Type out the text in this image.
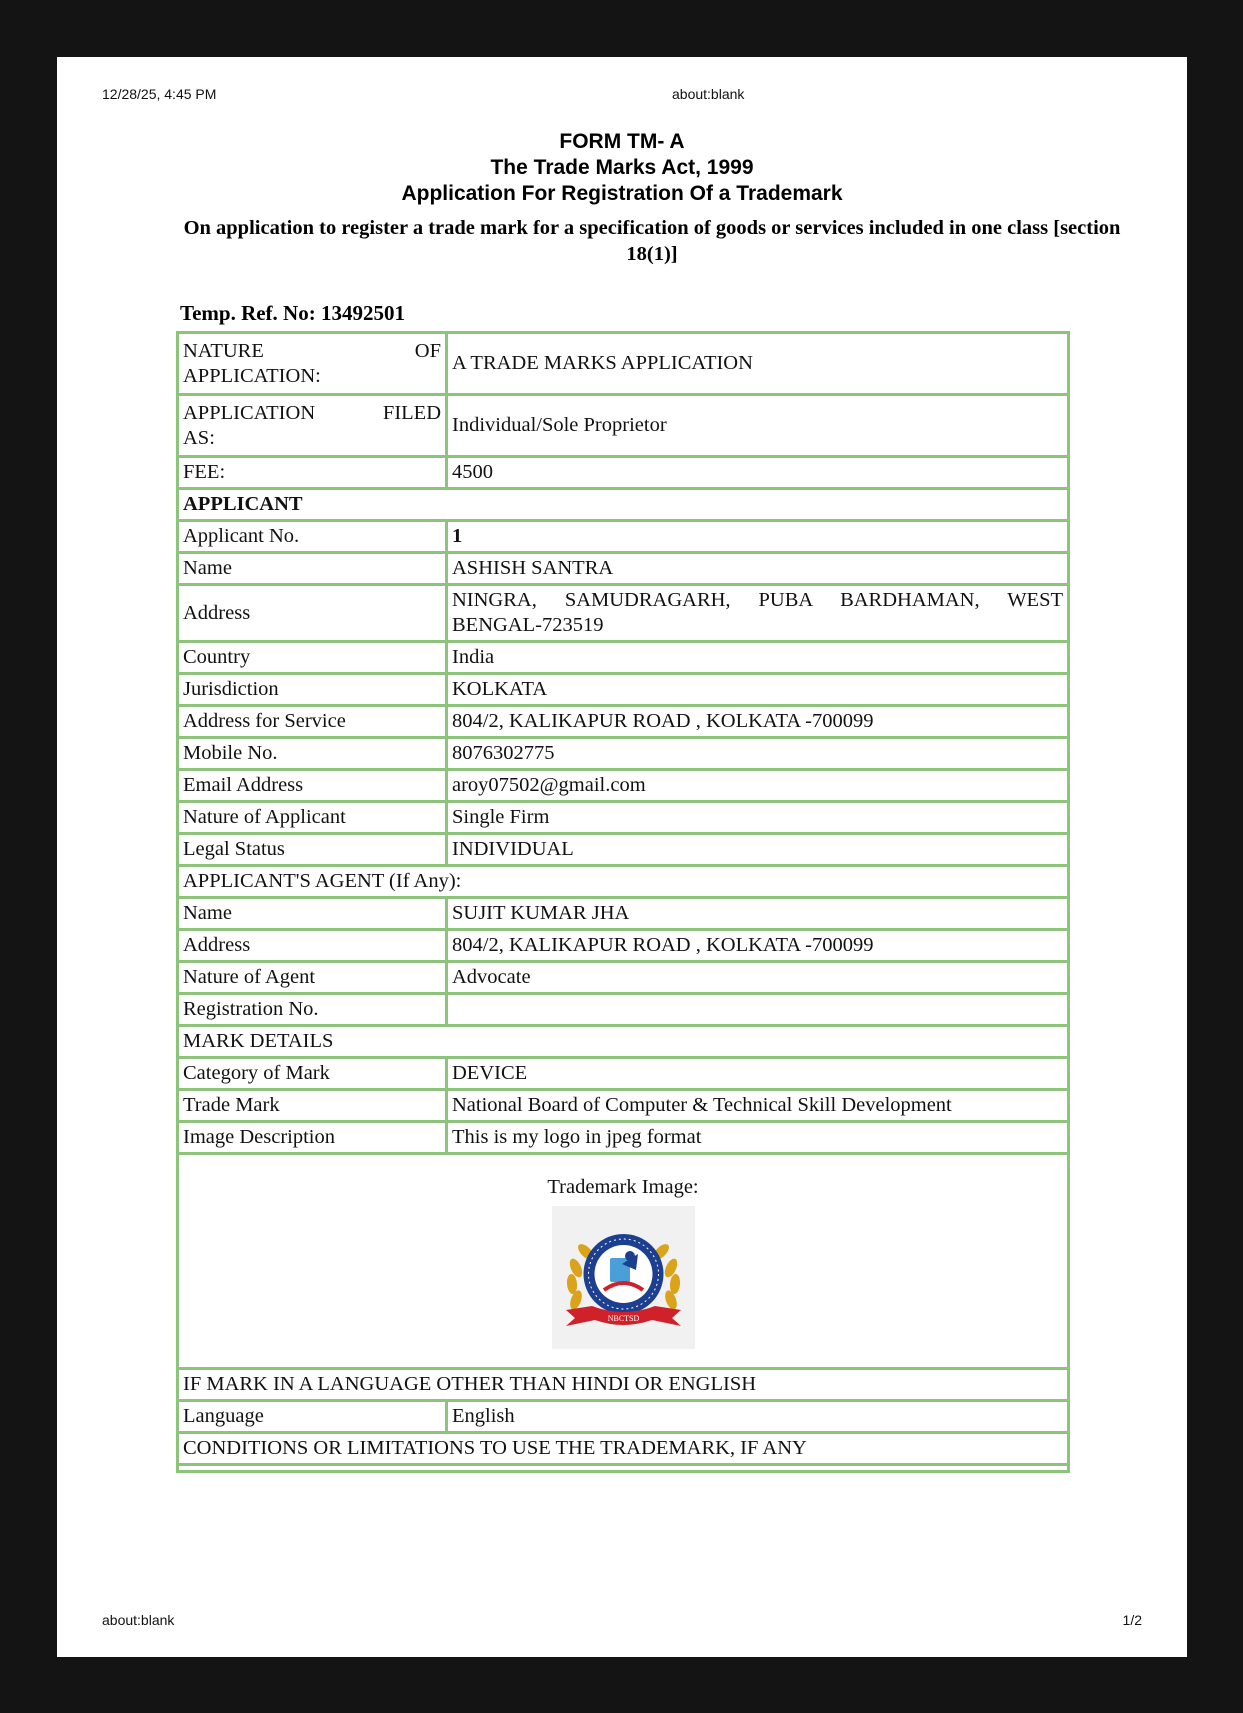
12/28/25, 4:45 PM	about:blank
FORM TM- A
The Trade Marks Act, 1999
Application For Registration Of a Trademark
On application to register a trade mark for a specification of goods or services included in one class [section 18(1)]
Temp. Ref. No: 13492501
NATURE OF
APPLICATION:	A TRADE MARKS APPLICATION

APPLICATION FILED
AS:	Individual/Sole Proprietor
FEE:	4500
APPLICANT	
Applicant No.	1
Name	ASHISH SANTRA
Address	NINGRA, SAMUDRAGARH, PUBA BARDHAMAN, WEST BENGAL-723519
Country	India
Jurisdiction	KOLKATA
Address for Service	804/2, KALIKAPUR ROAD , KOLKATA -700099
Mobile No.	8076302775
Email Address	aroy07502@gmail.com
Nature of Applicant	Single Firm
Legal Status	INDIVIDUAL
APPLICANT'S AGENT (If Any):	
Name	SUJIT KUMAR JHA
Address	804/2, KALIKAPUR ROAD , KOLKATA -700099
Nature of Agent	Advocate
Registration No.	
MARK DETAILS	
Category of Mark	DEVICE
Trade Mark	National Board of Computer & Technical Skill Development
Image Description	This is my logo in jpeg format

Trademark Image:
NBCTSD	

IF MARK IN A LANGUAGE OTHER THAN HINDI OR ENGLISH	
Language	English
CONDITIONS OR LIMITATIONS TO USE THE TRADEMARK, IF ANY	

about:blank	1/2
